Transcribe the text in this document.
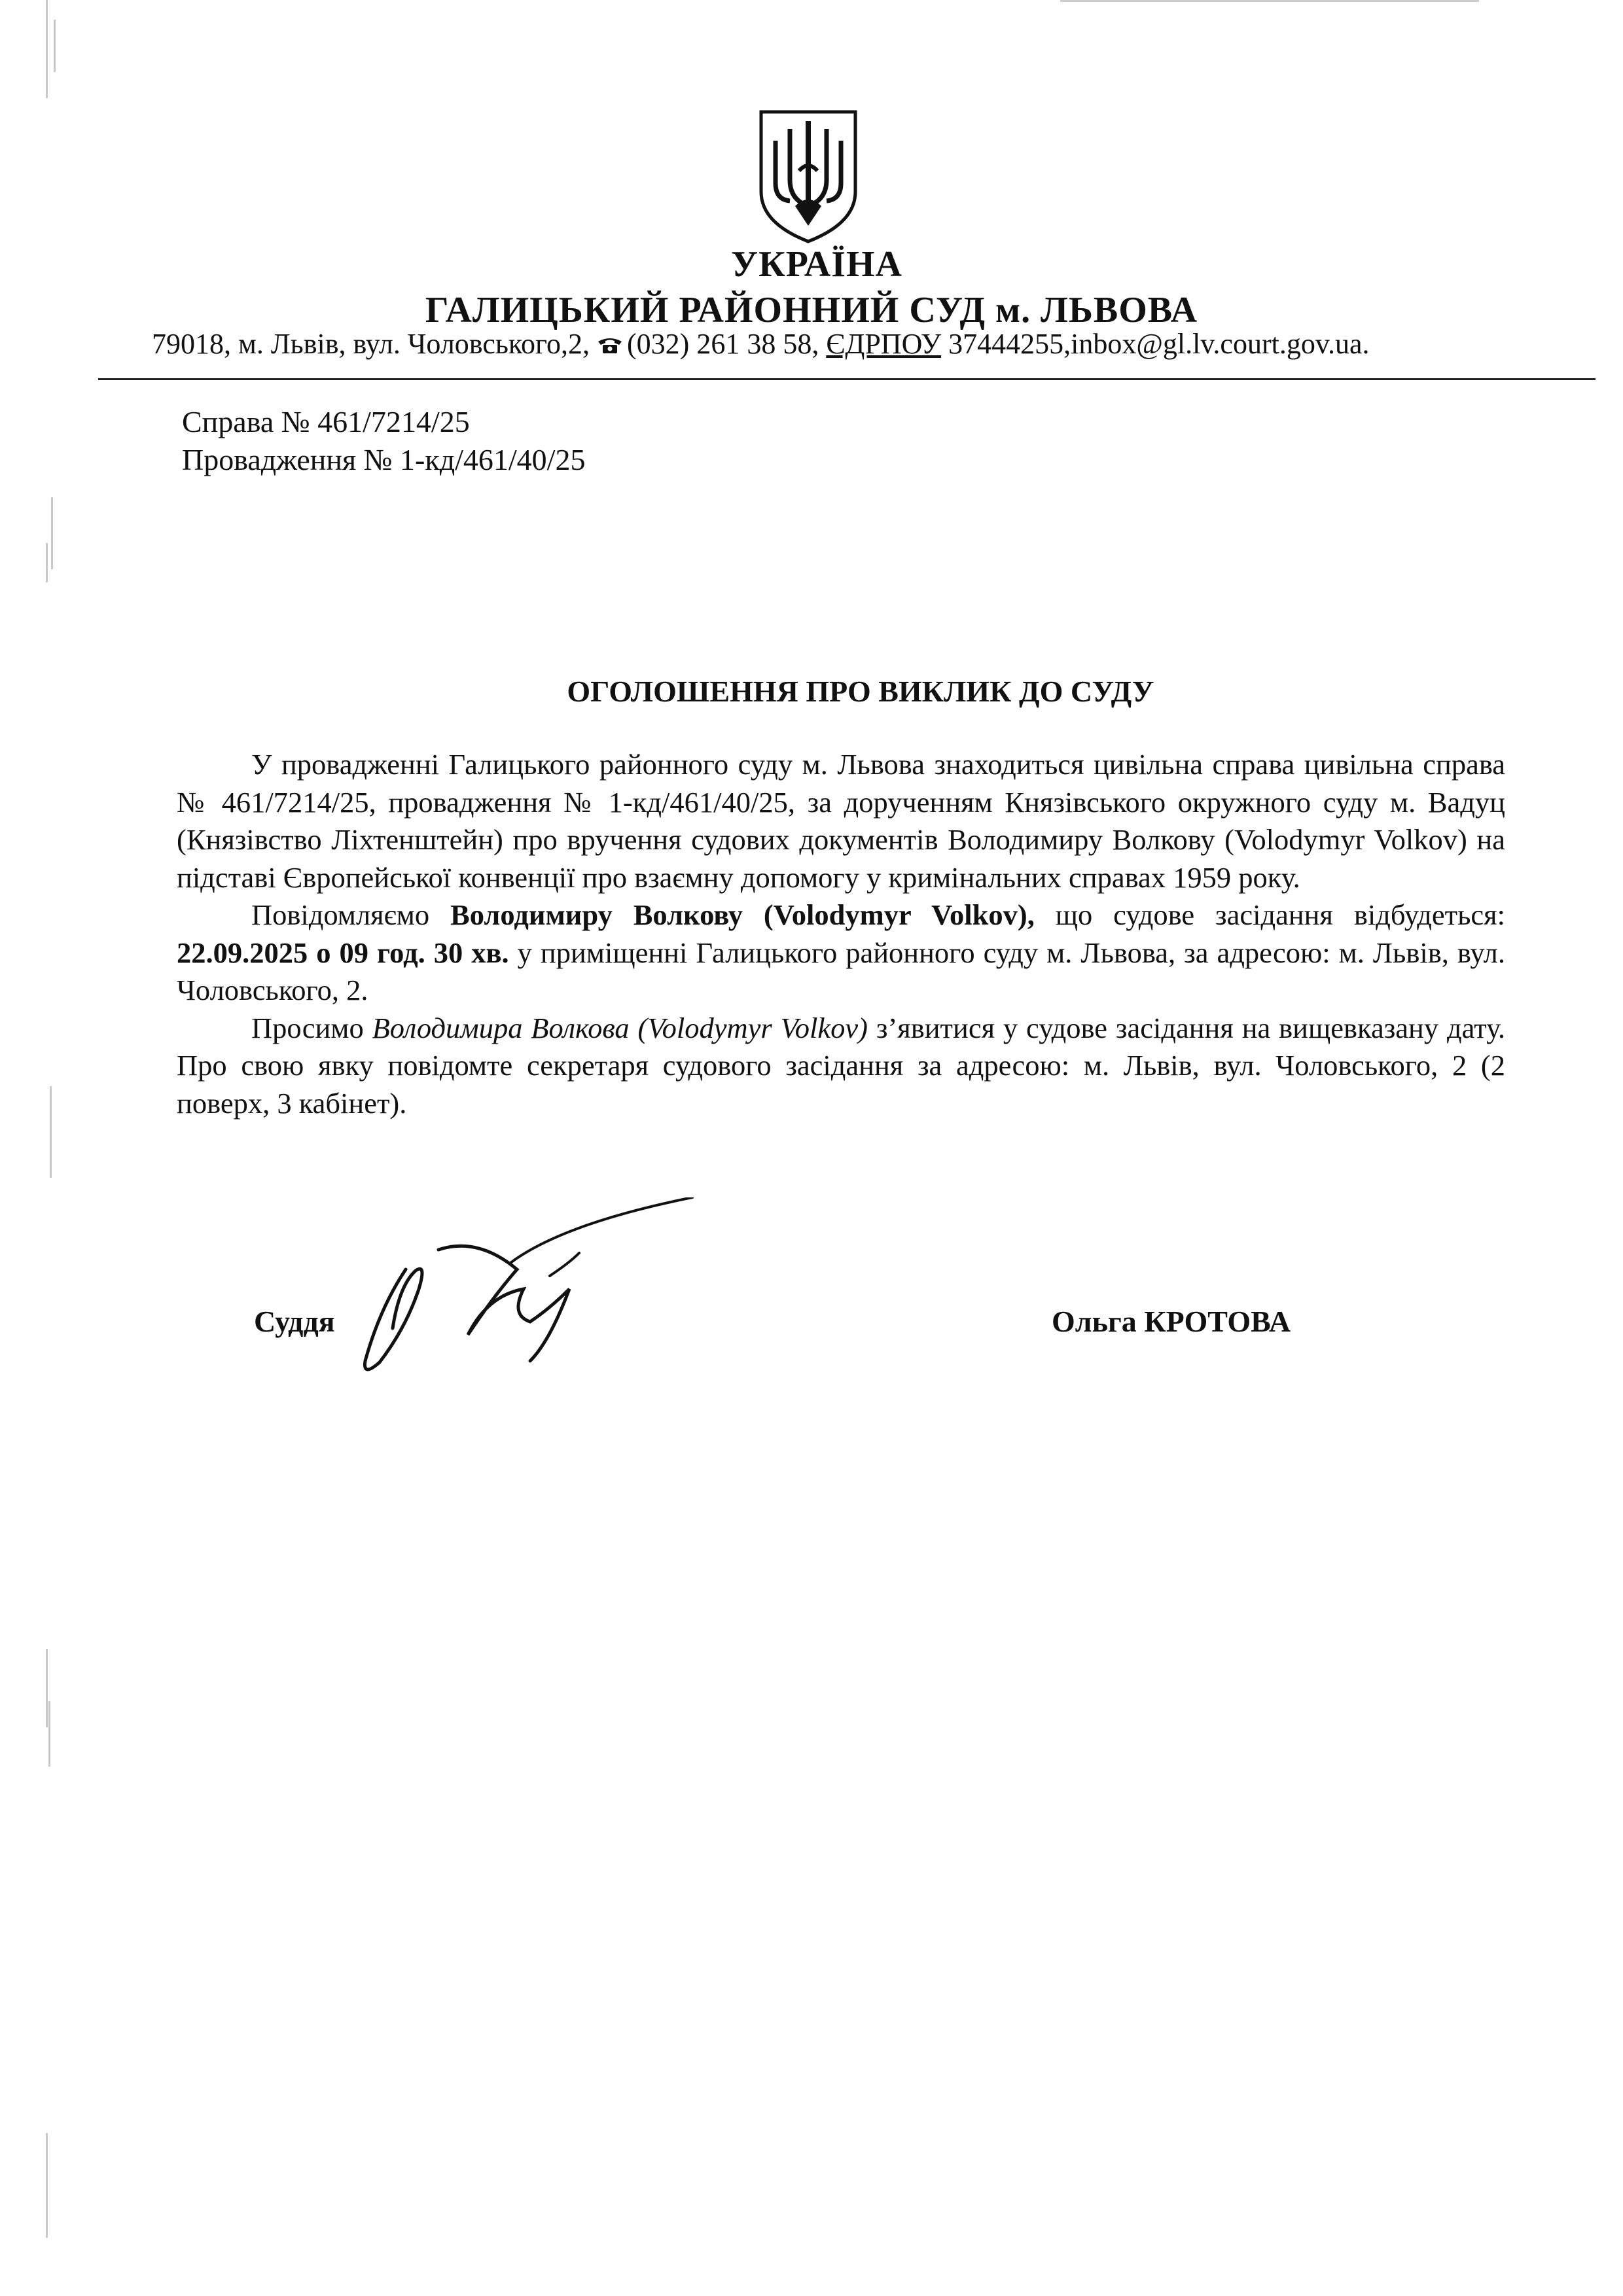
УКРАЇНА
ГАЛИЦЬКИЙ РАЙОННИЙ СУД м. ЛЬВОВА
79018, м. Львів, вул. Чоловського,2, (032) 261 38 58, ЄДРПОУ 37444255,inbox@gl.lv.court.gov.ua.
Справа № 461/7214/25
Провадження № 1-кд/461/40/25
ОГОЛОШЕННЯ ПРО ВИКЛИК ДО СУДУ

У провадженні Галицького районного суду м. Львова знаходиться цивільна справа цивільна справа № 461/7214/25, провадження № 1-кд/461/40/25, за дорученням Князівського окружного суду м. Вадуц (Князівство Ліхтенштейн) про вручення судових документів Володимиру Волкову (Volodymyr Volkov) на підставі Європейської конвенції про взаємну допомогу у кримінальних справах 1959 року.

Повідомляємо Володимиру Волкову (Volodymyr Volkov), що судове засідання відбудеться: 22.09.2025 о 09 год. 30 хв. у приміщенні Галицького районного суду м. Львова, за адресою: м. Львів, вул. Чоловського, 2.

Просимо Володимира Волкова (Volodymyr Volkov) з’явитися у судове засідання на вищевказану дату. Про свою явку повідомте секретаря судового засідання за адресою: м. Львів, вул. Чоловського, 2 (2 поверх, 3 кабінет).

Суддя	Ольга КРОТОВА
